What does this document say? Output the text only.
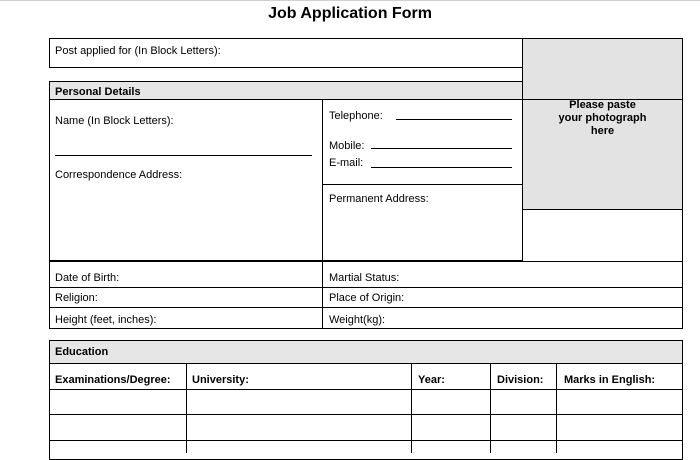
Job Application Form
Post applied for (In Block Letters):
Please paste
your photograph
here
Personal Details
Name (In Block Letters):
Correspondence Address:
Telephone:
Mobile:
E-mail:
Permanent Address:
Date of Birth:	Martial Status:
Religion:	Place of Origin:
Height (feet, inches):	Weight(kg):
Education
Examinations/Degree: University:	Year:	Division: Marks in English:
